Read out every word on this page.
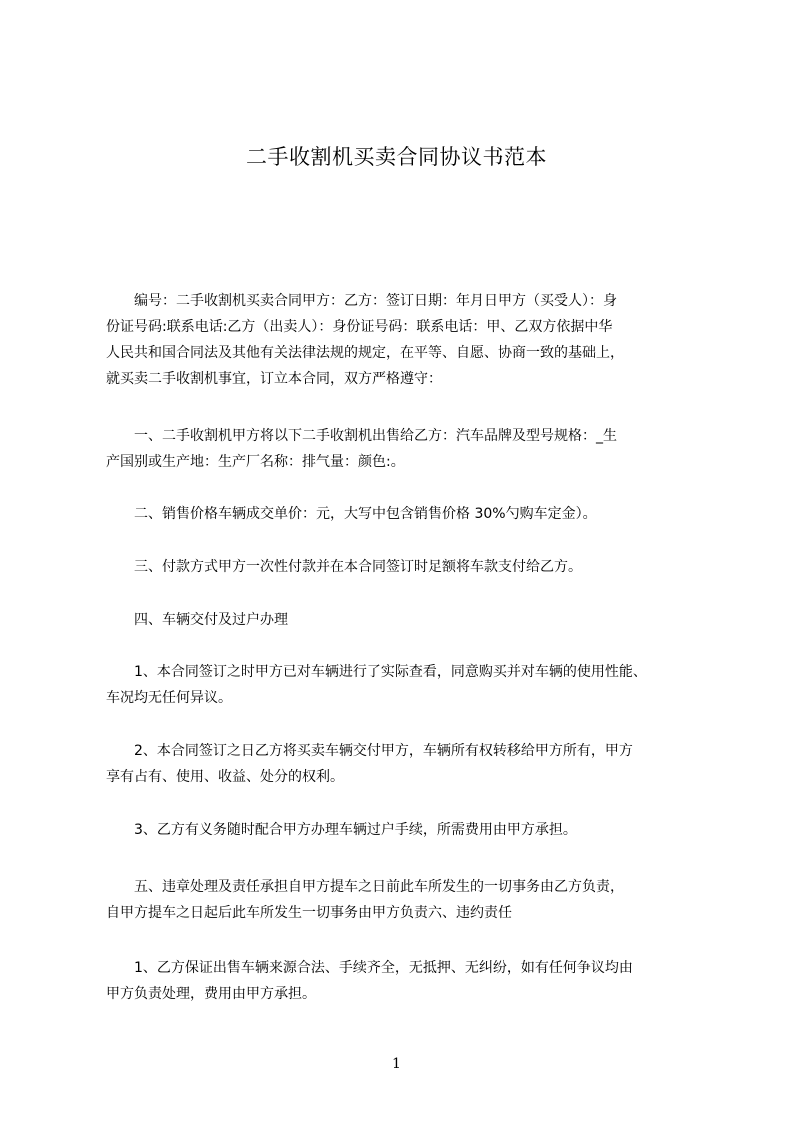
二手收割机买卖合同协议书范本
　　编号：二手收割机买卖合同甲方：乙方：签订日期：年月日甲方（买受人）：身
份证号码:联系电话:乙方（出卖人）：身份证号码：联系电话：甲、乙双方依据中华
人民共和国合同法及其他有关法律法规的规定，在平等、自愿、协商一致的基础上，
就买卖二手收割机事宜，订立本合同，双方严格遵守：
　　一、二手收割机甲方将以下二手收割机出售给乙方：汽车品牌及型号规格：_生
产国别或生产地：生产厂名称：排气量：颜色:。
　　二、销售价格车辆成交单价：元，大写中包含销售价格 30%勺购车定金）。
　　三、付款方式甲方一次性付款并在本合同签订时足额将车款支付给乙方。
　　四、车辆交付及过户办理
　　1、本合同签订之时甲方已对车辆进行了实际查看，同意购买并对车辆的使用性能、
车况均无任何异议。
　　2、本合同签订之日乙方将买卖车辆交付甲方，车辆所有权转移给甲方所有，甲方
享有占有、使用、收益、处分的权利。
　　3、乙方有义务随时配合甲方办理车辆过户手续，所需费用由甲方承担。
　　五、违章处理及责任承担自甲方提车之日前此车所发生的一切事务由乙方负责，
自甲方提车之日起后此车所发生一切事务由甲方负责六、违约责任
　　1、乙方保证出售车辆来源合法、手续齐全，无抵押、无纠纷，如有任何争议均由
甲方负责处理，费用由甲方承担。
1
